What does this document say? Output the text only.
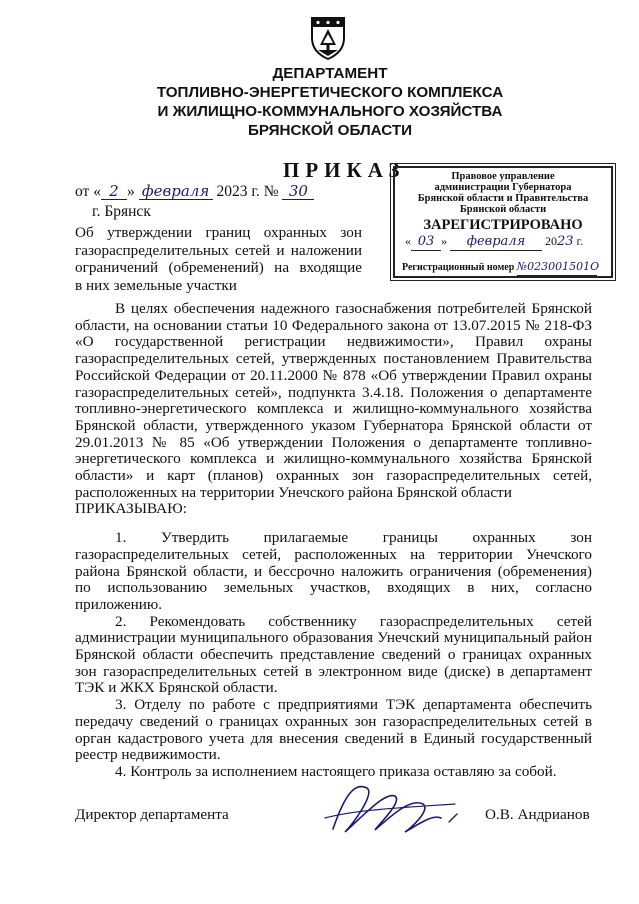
ДЕПАРТАМЕНТ
ТОПЛИВНО-ЭНЕРГЕТИЧЕСКОГО КОМПЛЕКСА
И ЖИЛИЩНО-КОММУНАЛЬНОГО ХОЗЯЙСТВА
БРЯНСКОЙ ОБЛАСТИ
ПРИКАЗ
от « 2 » февраля 2023 г. № 30
г. Брянск
Об утверждении границ охранных зон
газораспределительных сетей и наложении
ограничений (обременений) на входящие
в них земельные участки
Правовое управление
администрации Губернатора
Брянской области и Правительства
Брянской области
ЗАРЕГИСТРИРОВАНО
« 03 » февраля 2023 г.
Регистрационный номер №023001501О

В целях обеспечения надежного газоснабжения потребителей Брянской области, на основании статьи 10 Федерального закона от 13.07.2015 № 218-ФЗ «О государственной регистрации недвижимости», Правил охраны газораспределительных сетей, утвержденных постановлением Правительства Российской Федерации от 20.11.2000 № 878 «Об утверждении Правил охраны газораспределительных сетей», подпункта 3.4.18. Положения о департаменте топливно-энергетического комплекса и жилищно-коммунального хозяйства Брянской области, утвержденного указом Губернатора Брянской области от 29.01.2013 № 85 «Об утверждении Положения о департаменте топливно-энергетического комплекса и жилищно-коммунального хозяйства Брянской области» и карт (планов) охранных зон газораспределительных сетей, расположенных на территории Унечского района Брянской области

ПРИКАЗЫВАЮ:

1. Утвердить прилагаемые границы охранных зон газораспределительных сетей, расположенных на территории Унечского района Брянской области, и бессрочно наложить ограничения (обременения) по использованию земельных участков, входящих в них, согласно приложению.

2. Рекомендовать собственнику газораспределительных сетей администрации муниципального образования Унечский муниципальный район Брянской области обеспечить представление сведений о границах охранных зон газораспределительных сетей в электронном виде (диске) в департамент ТЭК и ЖКХ Брянской области.

3. Отделу по работе с предприятиями ТЭК департамента обеспечить передачу сведений о границах охранных зон газораспределительных сетей в орган кадастрового учета для внесения сведений в Единый государственный реестр недвижимости.

4. Контроль за исполнением настоящего приказа оставляю за собой.

Директор департамента	О.В. Андрианов
